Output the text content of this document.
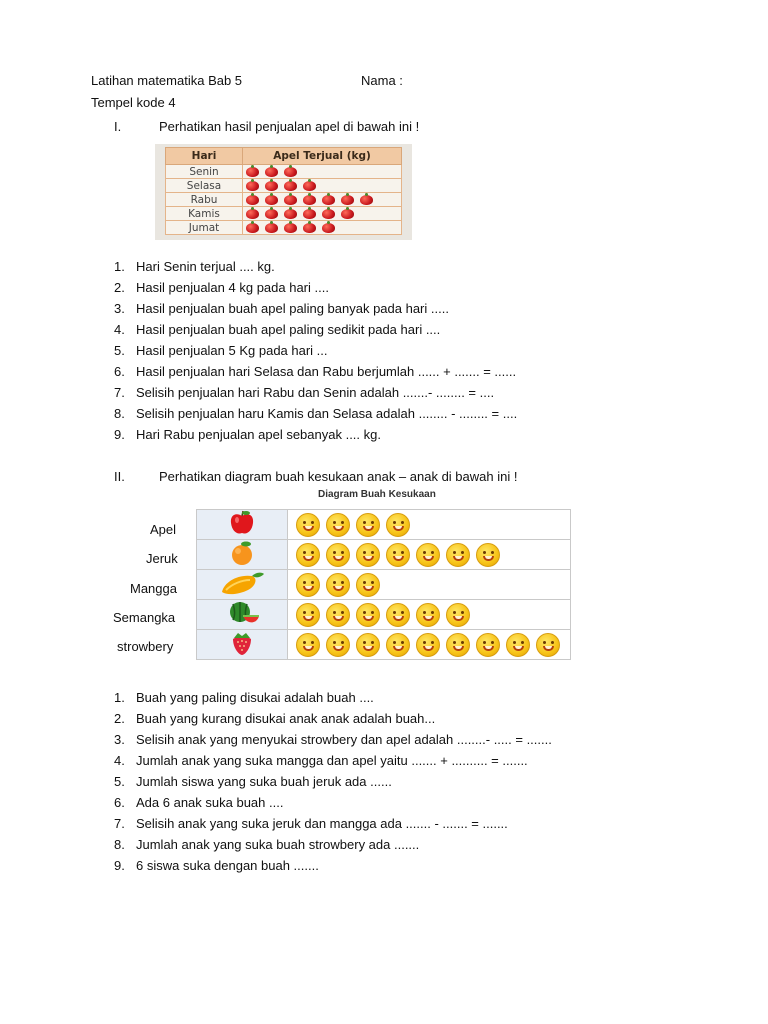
Latihan matematika Bab 5	Nama :
Tempel kode 4
I.	Perhatikan hasil penjualan apel di bawah ini !
Hari	Apel Terjual (kg)
Senin	
Selasa	
Rabu	
Kamis	
Jumat	
1. Hari Senin terjual .... kg.
2. Hasil penjualan 4 kg pada hari ....
3. Hasil penjualan buah apel paling banyak pada hari .....
4. Hasil penjualan buah apel paling sedikit pada hari ....
5. Hasil penjualan 5 Kg pada hari ...
6. Hasil penjualan hari Selasa dan Rabu berjumlah ...... + ....... = ......
7. Selisih penjualan hari Rabu dan Senin adalah .......- ........ = ....
8. Selisih penjualan haru Kamis dan Selasa adalah ........ - ........ = ....
9. Hari Rabu penjualan apel sebanyak .... kg.
II.	Perhatikan diagram buah kesukaan anak – anak di bawah ini !
Diagram Buah Kesukaan
Apel
Jeruk
Mangga
Semangka
strowbery

1. Buah yang paling disukai adalah buah ....
2. Buah yang kurang disukai anak anak adalah buah...
3. Selisih anak yang menyukai strowbery dan apel adalah ........- ..... = .......
4. Jumlah anak yang suka mangga dan apel yaitu ....... + .......... = .......
5. Jumlah siswa yang suka buah jeruk ada ......
6. Ada 6 anak suka buah ....
7. Selisih anak yang suka jeruk dan mangga ada ....... - ....... = .......
8. Jumlah anak yang suka buah strowbery ada .......
9. 6 siswa suka dengan buah .......
